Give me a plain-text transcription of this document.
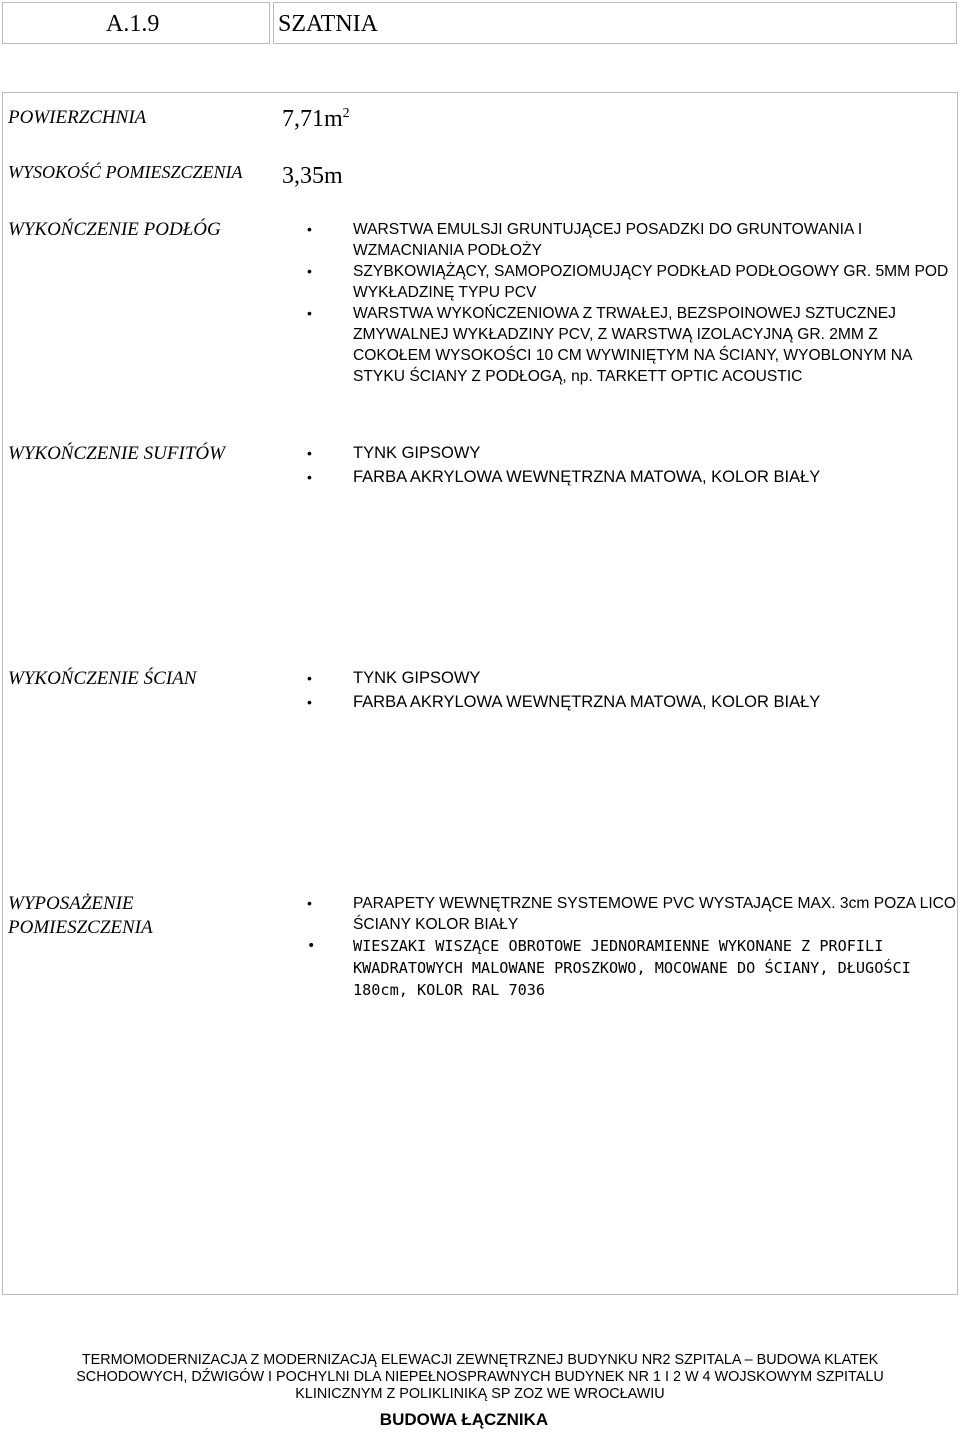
A.1.9	SZATNIA
POWIERZCHNIA	$7,71m^2$
WYSOKOŚĆ POMIESZCZENIA 3,35m
WYKOŃCZENIE PODŁÓG	• WARSTWA EMULSJI GRUNTUJĄCEJ POSADZKI DO GRUNTOWANIA I WZMACNIANIA PODŁOŻY
• SZYBKOWIĄŻĄCY, SAMOPOZIOMUJĄCY PODKŁAD PODŁOGOWY GR. 5MM POD WYKŁADZINĘ TYPU PCV
• WARSTWA WYKOŃCZENIOWA Z TRWAŁEJ, BEZSPOINOWEJ SZTUCZNEJ ZMYWALNEJ WYKŁADZINY PCV, Z WARSTWĄ IZOLACYJNĄ GR. 2MM Z COKOŁEM WYSOKOŚCI 10 CM WYWINIĘTYM NA ŚCIANY, WYOBLONYM NA STYKU ŚCIANY Z PODŁOGĄ, np. TARKETT OPTIC ACOUSTIC
WYKOŃCZENIE SUFITÓW	• TYNK GIPSOWY
• FARBA AKRYLOWA WEWNĘTRZNA MATOWA, KOLOR BIAŁY
WYKOŃCZENIE ŚCIAN	• TYNK GIPSOWY
• FARBA AKRYLOWA WEWNĘTRZNA MATOWA, KOLOR BIAŁY
WYPOSAŻENIE
POMIESZCZENIA
• PARAPETY WEWNĘTRZNE SYSTEMOWE PVC WYSTAJĄCE MAX. 3cm POZA LICO ŚCIANY KOLOR BIAŁY
• WIESZAKI WISZĄCE OBROTOWE JEDNORAMIENNE WYKONANE Z PROFILI KWADRATOWYCH MALOWANE PROSZKOWO, MOCOWANE DO ŚCIANY, DŁUGOŚCI 180cm, KOLOR RAL 7036
TERMOMODERNIZACJA Z MODERNIZACJĄ ELEWACJI ZEWNĘTRZNEJ BUDYNKU NR2 SZPITALA – BUDOWA KLATEK
SCHODOWYCH, DŹWIGÓW I POCHYLNI DLA NIEPEŁNOSPRAWNYCH BUDYNEK NR 1 I 2 W 4 WOJSKOWYM SZPITALU
KLINICZNYM Z POLIKLINIKĄ SP ZOZ WE WROCŁAWIU
BUDOWA ŁĄCZNIKA
